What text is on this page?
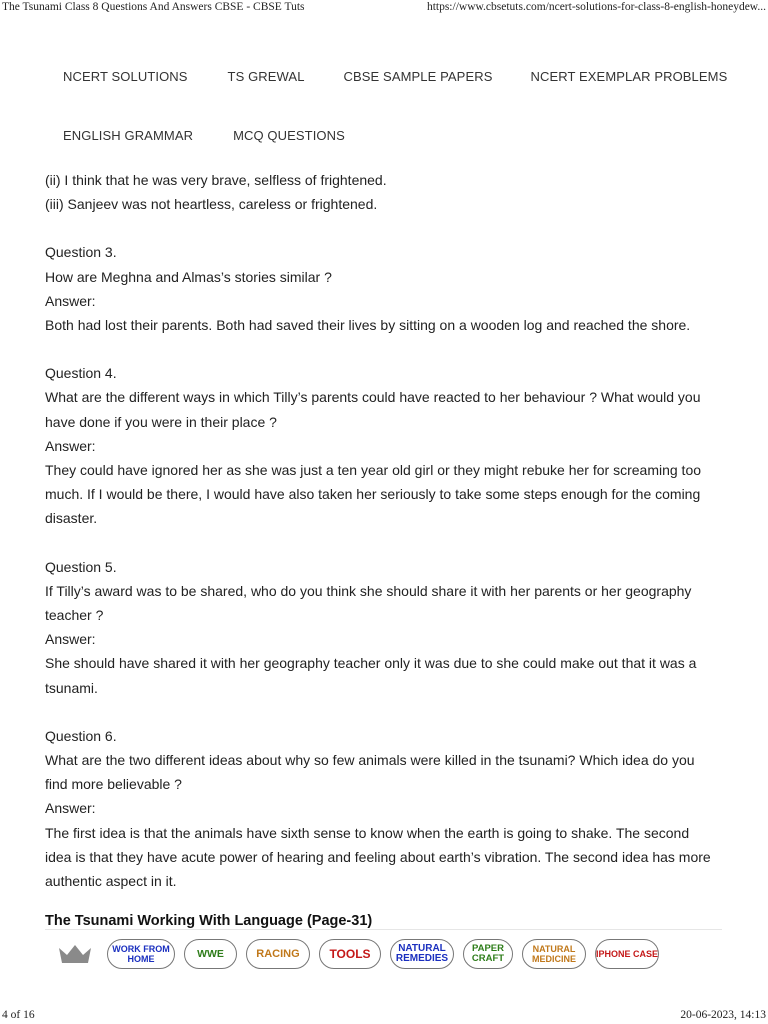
The Tsunami Class 8 Questions And Answers CBSE - CBSE Tuts	https://www.cbsetuts.com/ncert-solutions-for-class-8-english-honeydew...
NCERT SOLUTIONS	TS GREWAL	CBSE SAMPLE PAPERS	NCERT EXEMPLAR PROBLEMS
ENGLISH GRAMMAR	MCQ QUESTIONS

(ii) I think that he was very brave, selfless of frightened.

(iii) Sanjeev was not heartless, careless or frightened.

Question 3.

How are Meghna and Almas’s stories similar ?

Answer:

Both had lost their parents. Both had saved their lives by sitting on a wooden log and reached the shore.

Question 4.

What are the different ways in which Tilly’s parents could have reacted to her behaviour ? What would you

have done if you were in their place ?

Answer:

They could have ignored her as she was just a ten year old girl or they might rebuke her for screaming too

much. If I would be there, I would have also taken her seriously to take some steps enough for the coming

disaster.

Question 5.

If Tilly’s award was to be shared, who do you think she should share it with her parents or her geography

teacher ?

Answer:

She should have shared it with her geography teacher only it was due to she could make out that it was a

tsunami.

Question 6.

What are the two different ideas about why so few animals were killed in the tsunami? Which idea do you

find more believable ?

Answer:

The first idea is that the animals have sixth sense to know when the earth is going to shake. The second

idea is that they have acute power of hearing and feeling about earth’s vibration. The second idea has more

authentic aspect in it.

The Tsunami Working With Language (Page-31)
WORK FROM
HOME	WWE	RACING TOOLS	NATURAL
REMEDIES
PAPER
CRAFT
NATURAL
MEDICINE IPHONE CASE
4 of 16	20-06-2023, 14:13
